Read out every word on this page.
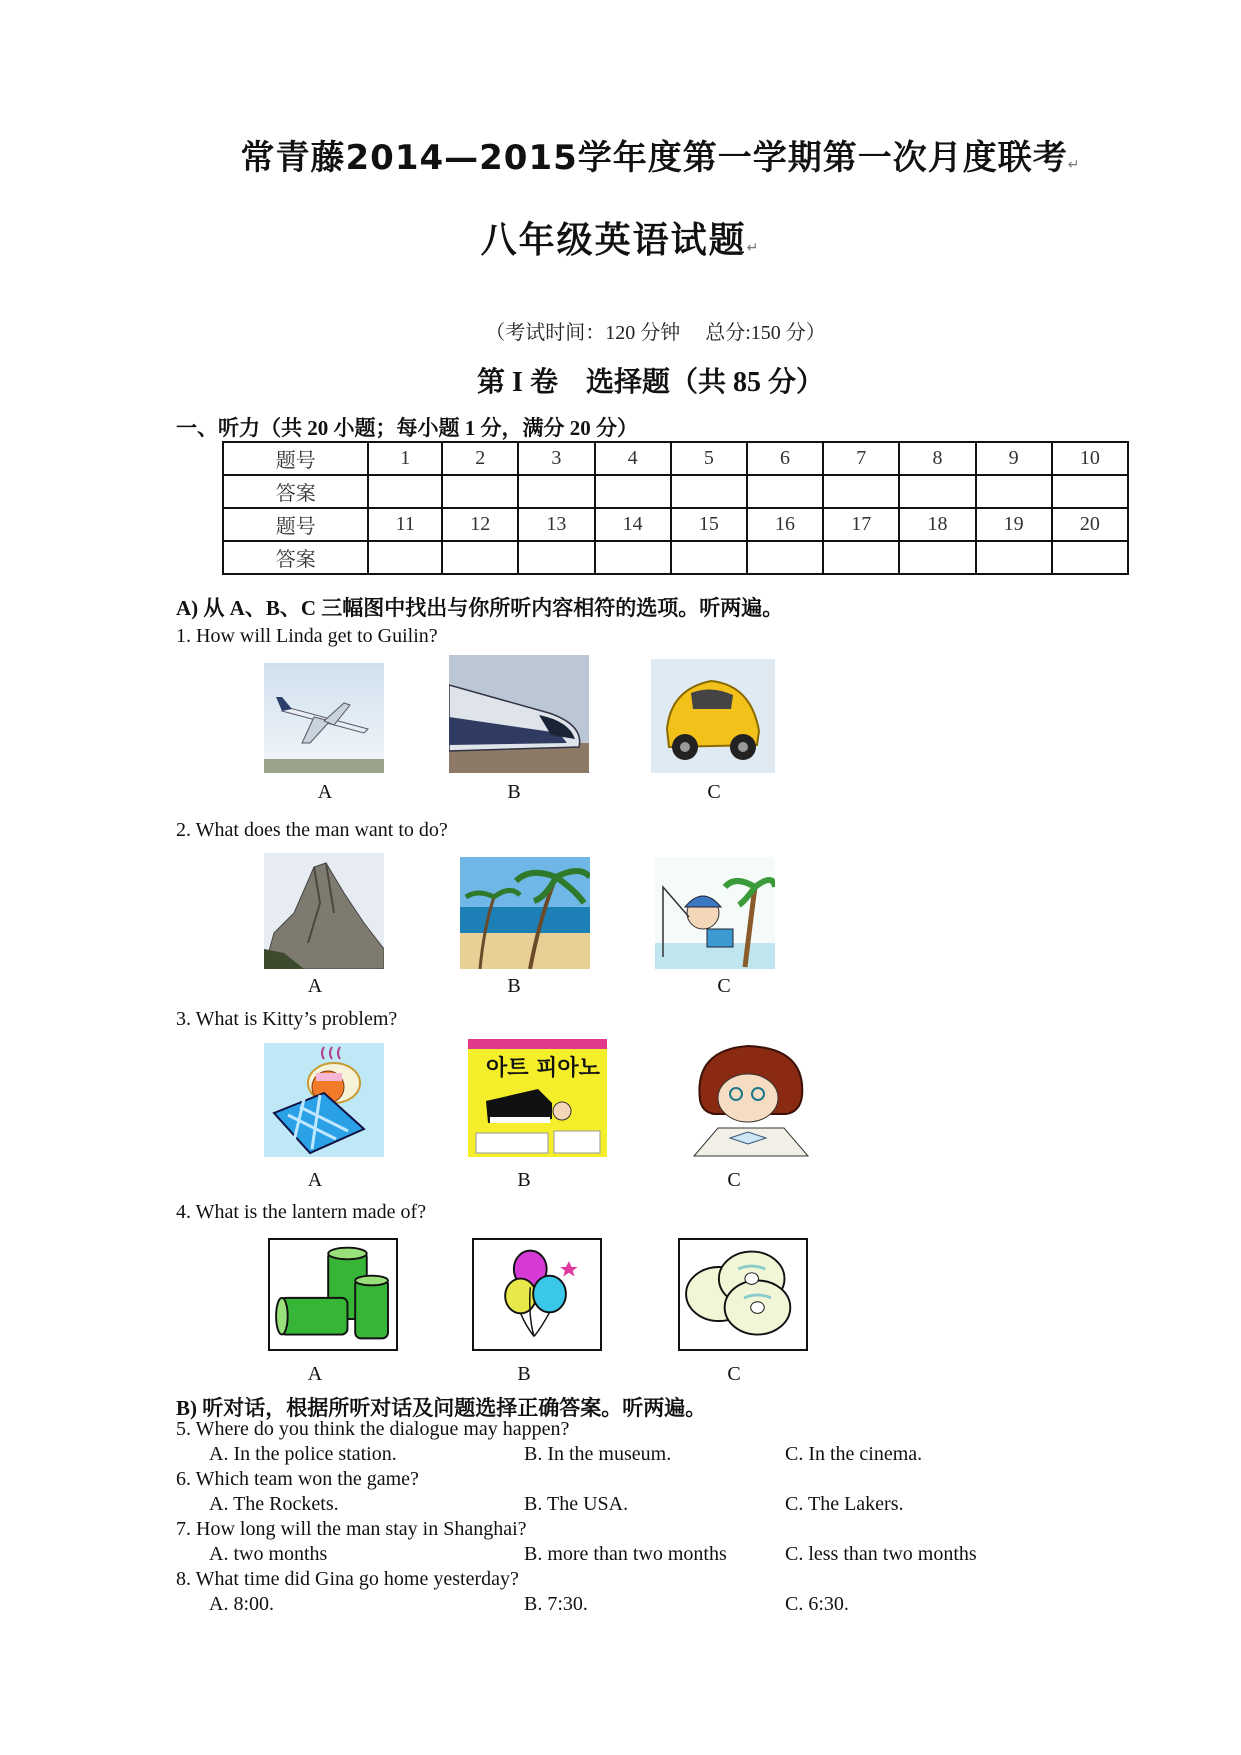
常青藤2014—2015学年度第一学期第一次月度联考↵
八年级英语试题↵
（考试时间：120 分钟　 总分:150 分）
第 I 卷　选择题（共 85 分）
一、听力（共 20 小题；每小题 1 分，满分 20 分）
题号	1	2	3	4	5	6	7	8	9	10
答案										
题号	11	12	13	14	15	16	17	18	19	20
答案										
A) 从 A、B、C 三幅图中找出与你所听内容相符的选项。听两遍。
1. How will Linda get to Guilin?
A	B	C
2. What does the man want to do?
A	B	C
3. What is Kitty’s problem?
아트 피아노
A	B	C
4. What is the lantern made of?
A	B	C
B) 听对话，根据所听对话及问题选择正确答案。听两遍。
5. Where do you think the dialogue may happen?
A. In the police station.	B. In the museum.	C. In the cinema.
6. Which team won the game?
A. The Rockets.	B. The USA.	C. The Lakers.
7. How long will the man stay in Shanghai?
A. two months	B. more than two months	C. less than two months
8. What time did Gina go home yesterday?
A. 8:00.	B. 7:30.	C. 6:30.
